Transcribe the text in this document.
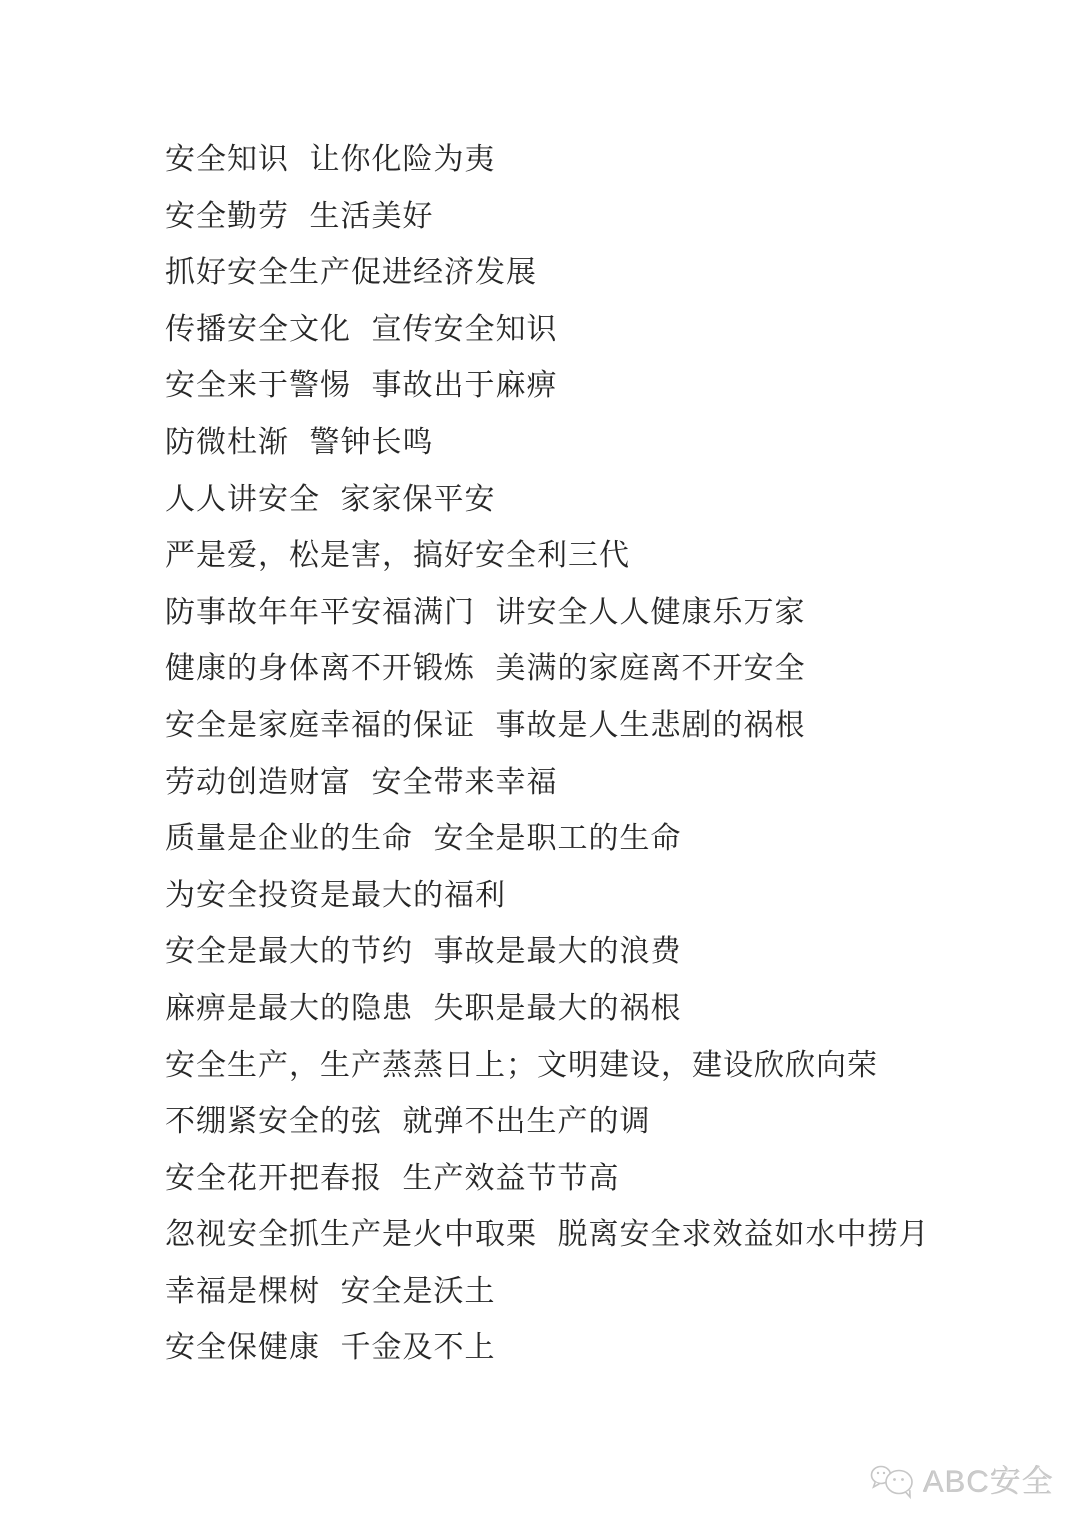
安全知识 让你化险为夷

安全勤劳 生活美好

抓好安全生产促进经济发展

传播安全文化 宣传安全知识

安全来于警惕 事故出于麻痹

防微杜渐 警钟长鸣

人人讲安全 家家保平安

严是爱，松是害，搞好安全利三代

防事故年年平安福满门 讲安全人人健康乐万家

健康的身体离不开锻炼 美满的家庭离不开安全

安全是家庭幸福的保证 事故是人生悲剧的祸根

劳动创造财富 安全带来幸福

质量是企业的生命 安全是职工的生命

为安全投资是最大的福利

安全是最大的节约 事故是最大的浪费

麻痹是最大的隐患 失职是最大的祸根

安全生产，生产蒸蒸日上；文明建设，建设欣欣向荣

不绷紧安全的弦 就弹不出生产的调

安全花开把春报 生产效益节节高

忽视安全抓生产是火中取栗 脱离安全求效益如水中捞月

幸福是棵树 安全是沃土

安全保健康 千金及不上

ABC安全
